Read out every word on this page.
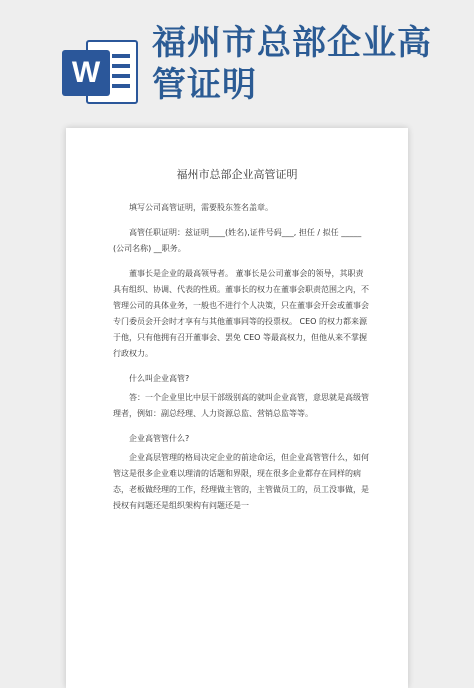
W
福州市总部企业高管证明
福州市总部企业高管证明

填写公司高管证明，需要股东签名盖章。

高管任职证明：兹证明____(姓名),证件号码___, 担任 / 拟任 _____ (公司名称) __职务。

董事长是企业的最高领导者。 董事长是公司董事会的领导，其职责具有组织、协调、代表的性质。董事长的权力在董事会职责范围之内，不管理公司的具体业务，一般也不进行个人决策，只在董事会开会或董事会专门委员会开会时才享有与其他董事同等的投票权。 CEO 的权力都来源于他，只有他拥有召开董事会、罢免 CEO 等最高权力，但他从来不掌握行政权力。

什么叫企业高管?

答：一个企业里比中层干部级别高的就叫企业高管，意思就是高级管理者，例如：副总经理、人力资源总监、营销总监等等。

企业高管管什么?

企业高层管理的格局决定企业的前途命运，但企业高管管什么，如何管这是很多企业难以理清的话题和界限，现在很多企业都存在同样的病态，老板做经理的工作，经理做主管的，主管做员工的，员工没事做，是授权有问题还是组织架构有问题还是一
